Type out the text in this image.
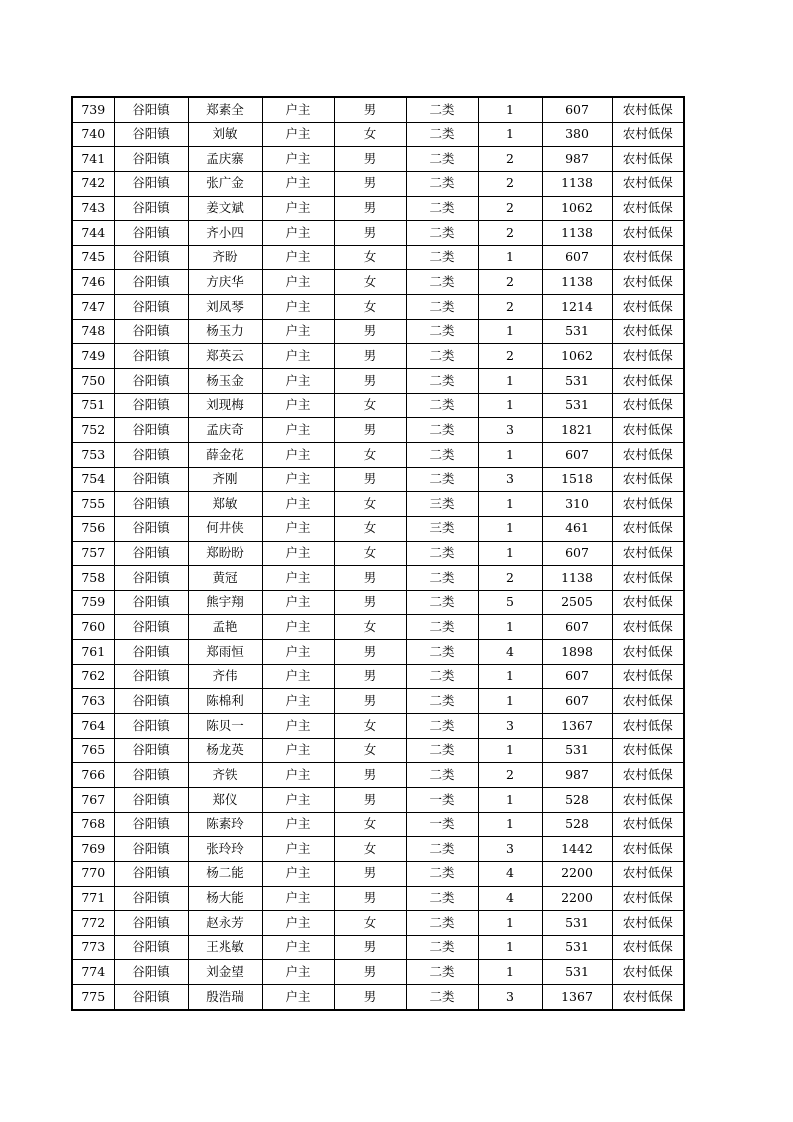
739	谷阳镇	郑素全	户主	男	二类	1	607	农村低保
740	谷阳镇	刘敏	户主	女	二类	1	380	农村低保
741	谷阳镇	孟庆寨	户主	男	二类	2	987	农村低保
742	谷阳镇	张广金	户主	男	二类	2	1138	农村低保
743	谷阳镇	姜文斌	户主	男	二类	2	1062	农村低保
744	谷阳镇	齐小四	户主	男	二类	2	1138	农村低保
745	谷阳镇	齐盼	户主	女	二类	1	607	农村低保
746	谷阳镇	方庆华	户主	女	二类	2	1138	农村低保
747	谷阳镇	刘凤琴	户主	女	二类	2	1214	农村低保
748	谷阳镇	杨玉力	户主	男	二类	1	531	农村低保
749	谷阳镇	郑英云	户主	男	二类	2	1062	农村低保
750	谷阳镇	杨玉金	户主	男	二类	1	531	农村低保
751	谷阳镇	刘现梅	户主	女	二类	1	531	农村低保
752	谷阳镇	孟庆奇	户主	男	二类	3	1821	农村低保
753	谷阳镇	薛金花	户主	女	二类	1	607	农村低保
754	谷阳镇	齐刚	户主	男	二类	3	1518	农村低保
755	谷阳镇	郑敏	户主	女	三类	1	310	农村低保
756	谷阳镇	何井侠	户主	女	三类	1	461	农村低保
757	谷阳镇	郑盼盼	户主	女	二类	1	607	农村低保
758	谷阳镇	黄冠	户主	男	二类	2	1138	农村低保
759	谷阳镇	熊宇翔	户主	男	二类	5	2505	农村低保
760	谷阳镇	孟艳	户主	女	二类	1	607	农村低保
761	谷阳镇	郑雨恒	户主	男	二类	4	1898	农村低保
762	谷阳镇	齐伟	户主	男	二类	1	607	农村低保
763	谷阳镇	陈棉利	户主	男	二类	1	607	农村低保
764	谷阳镇	陈贝一	户主	女	二类	3	1367	农村低保
765	谷阳镇	杨龙英	户主	女	二类	1	531	农村低保
766	谷阳镇	齐铁	户主	男	二类	2	987	农村低保
767	谷阳镇	郑仪	户主	男	一类	1	528	农村低保
768	谷阳镇	陈素玲	户主	女	一类	1	528	农村低保
769	谷阳镇	张玲玲	户主	女	二类	3	1442	农村低保
770	谷阳镇	杨二能	户主	男	二类	4	2200	农村低保
771	谷阳镇	杨大能	户主	男	二类	4	2200	农村低保
772	谷阳镇	赵永芳	户主	女	二类	1	531	农村低保
773	谷阳镇	王兆敏	户主	男	二类	1	531	农村低保
774	谷阳镇	刘金望	户主	男	二类	1	531	农村低保
775	谷阳镇	殷浩瑞	户主	男	二类	3	1367	农村低保
